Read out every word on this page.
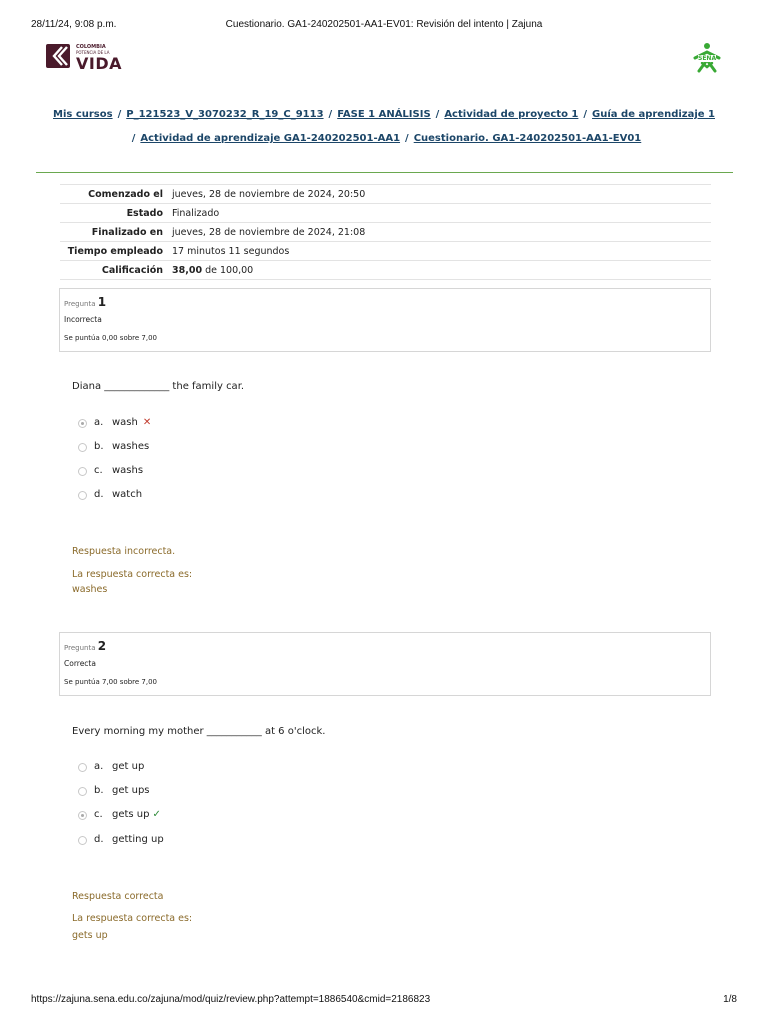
28/11/24, 9:08 p.m.	Cuestionario. GA1-240202501-AA1-EV01: Revisión del intento | Zajuna
COLOMBIA
POTENCIA DE LA
VIDA	SENA
Mis cursos / P_121523_V_3070232_R_19_C_9113 / FASE 1 ANÁLISIS / Actividad de proyecto 1 / Guía de aprendizaje 1
/ Actividad de aprendizaje GA1-240202501-AA1 / Cuestionario. GA1-240202501-AA1-EV01
Comenzado el	jueves, 28 de noviembre de 2024, 20:50
Estado	Finalizado
Finalizado en	jueves, 28 de noviembre de 2024, 21:08
Tiempo empleado	17 minutos 11 segundos
Calificación	38,00 de 100,00
Pregunta 1
Incorrecta
Se puntúa 0,00 sobre 7,00
Diana _____________ the family car.
a. wash ✕
b. washes
c. washs
d. watch
Respuesta incorrecta.
La respuesta correcta es:
washes
Pregunta 2
Correcta
Se puntúa 7,00 sobre 7,00
Every morning my mother ___________ at 6 o'clock.
a. get up
b. get ups
c. gets up ✓
d. getting up
Respuesta correcta
La respuesta correcta es:
gets up
https://zajuna.sena.edu.co/zajuna/mod/quiz/review.php?attempt=1886540&cmid=2186823	1/8
